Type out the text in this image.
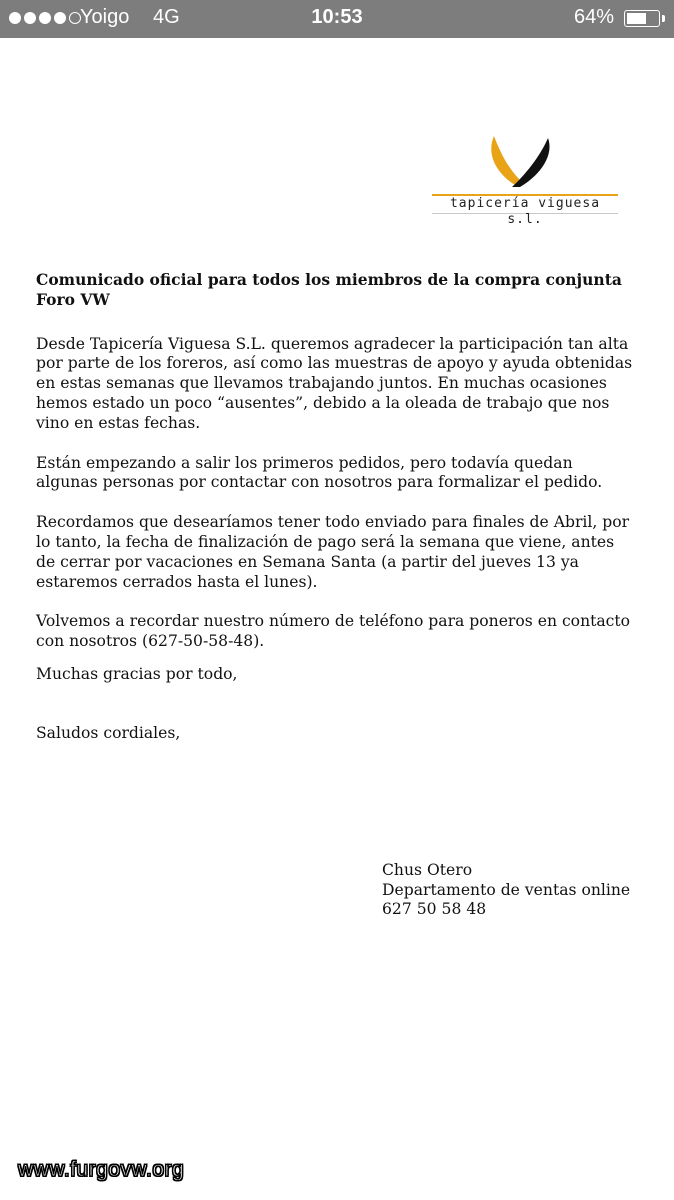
Yoigo 4G	10:53	64%
tapicería viguesa s.l.

Comunicado oficial para todos los miembros de la compra conjunta Foro VW

Desde Tapicería Viguesa S.L. queremos agradecer la participación tan alta por parte de los foreros, así como las muestras de apoyo y ayuda obtenidas en estas semanas que llevamos trabajando juntos. En muchas ocasiones hemos estado un poco “ausentes”, debido a la oleada de trabajo que nos vino en estas fechas.

Están empezando a salir los primeros pedidos, pero todavía quedan algunas personas por contactar con nosotros para formalizar el pedido.

Recordamos que desearíamos tener todo enviado para finales de Abril, por lo tanto, la fecha de finalización de pago será la semana que viene, antes de cerrar por vacaciones en Semana Santa (a partir del jueves 13 ya estaremos cerrados hasta el lunes).

Volvemos a recordar nuestro número de teléfono para poneros en contacto con nosotros (627-50-58-48).

Muchas gracias por todo,
Saludos cordiales,
Chus Otero
Departamento de ventas online
627 50 58 48
www.furgovw.org
